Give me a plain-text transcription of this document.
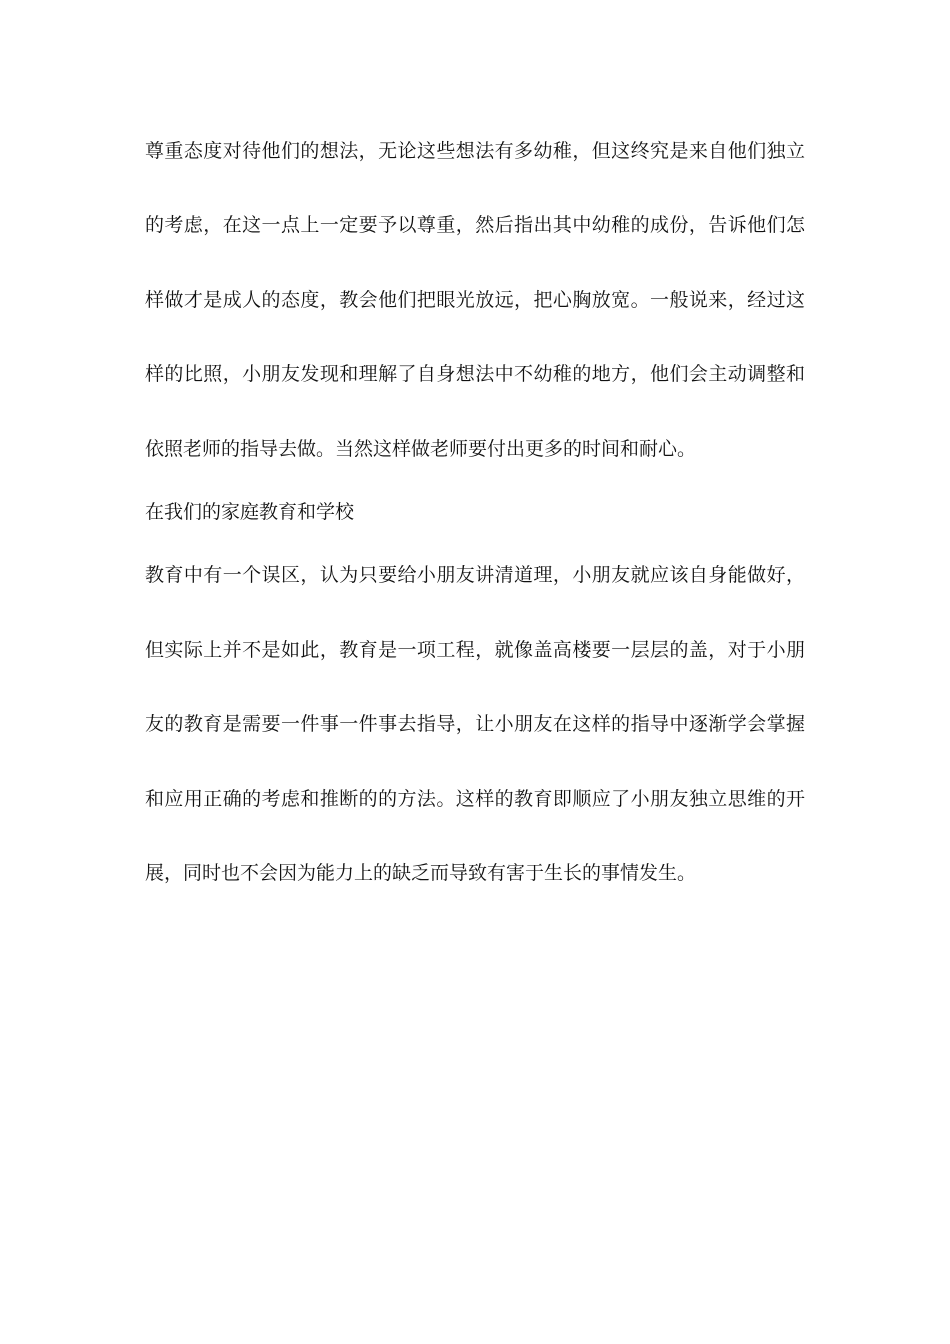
尊重态度对待他们的想法，无论这些想法有多幼稚，但这终究是来自他们独立
的考虑，在这一点上一定要予以尊重，然后指出其中幼稚的成份，告诉他们怎
样做才是成人的态度，教会他们把眼光放远，把心胸放宽。一般说来，经过这
样的比照，小朋友发现和理解了自身想法中不幼稚的地方，他们会主动调整和
依照老师的指导去做。当然这样做老师要付出更多的时间和耐心。
在我们的家庭教育和学校
教育中有一个误区，认为只要给小朋友讲清道理，小朋友就应该自身能做好，
但实际上并不是如此，教育是一项工程，就像盖高楼要一层层的盖，对于小朋
友的教育是需要一件事一件事去指导，让小朋友在这样的指导中逐渐学会掌握
和应用正确的考虑和推断的的方法。这样的教育即顺应了小朋友独立思维的开
展，同时也不会因为能力上的缺乏而导致有害于生长的事情发生。
